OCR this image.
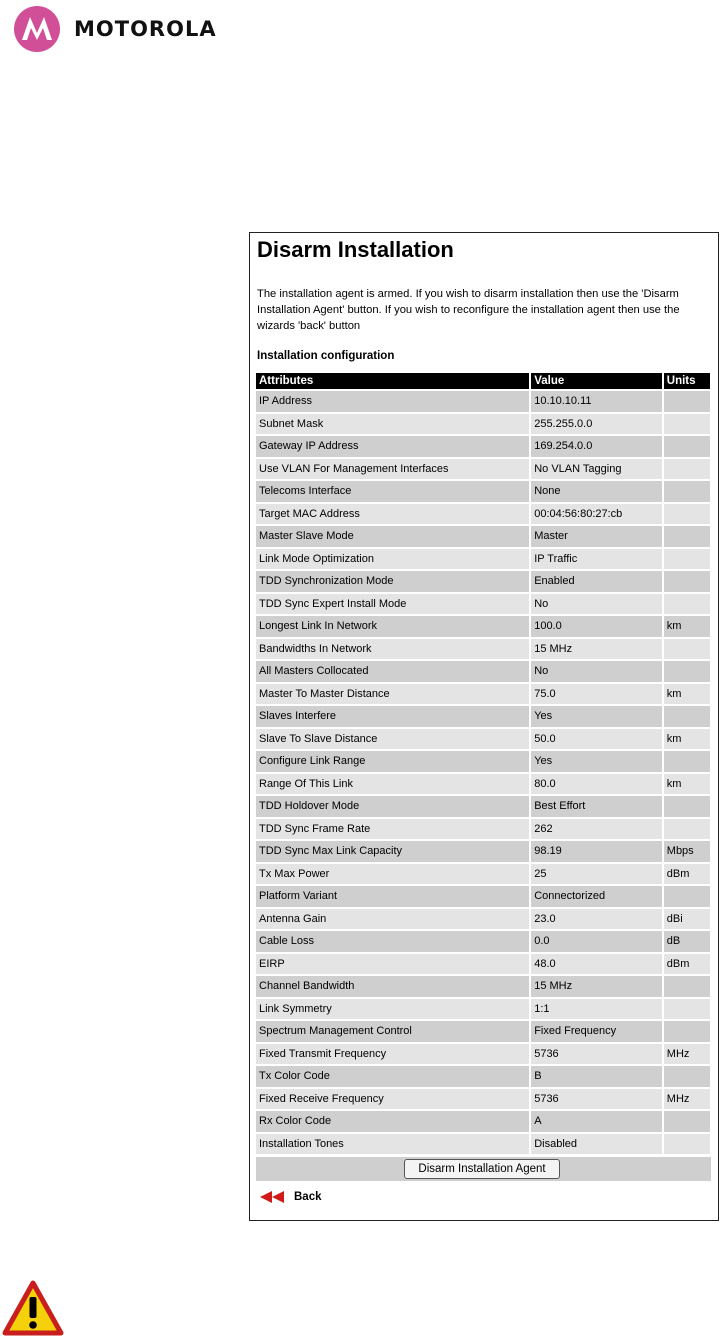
MOTOROLA
Disarm Installation

The installation agent is armed. If you wish to disarm installation then use the 'Disarm Installation Agent' button. If you wish to reconfigure the installation agent then use the wizards 'back' button

Installation configuration
Attributes	Value	Units
IP Address	10.10.10.11	
Subnet Mask	255.255.0.0	
Gateway IP Address	169.254.0.0	
Use VLAN For Management Interfaces	No VLAN Tagging	
Telecoms Interface	None	
Target MAC Address	00:04:56:80:27:cb	
Master Slave Mode	Master	
Link Mode Optimization	IP Traffic	
TDD Synchronization Mode	Enabled	
TDD Sync Expert Install Mode	No	
Longest Link In Network	100.0	km
Bandwidths In Network	15 MHz	
All Masters Collocated	No	
Master To Master Distance	75.0	km
Slaves Interfere	Yes	
Slave To Slave Distance	50.0	km
Configure Link Range	Yes	
Range Of This Link	80.0	km
TDD Holdover Mode	Best Effort	
TDD Sync Frame Rate	262	
TDD Sync Max Link Capacity	98.19	Mbps
Tx Max Power	25	dBm
Platform Variant	Connectorized	
Antenna Gain	23.0	dBi
Cable Loss	0.0	dB
EIRP	48.0	dBm
Channel Bandwidth	15 MHz	
Link Symmetry	1:1	
Spectrum Management Control	Fixed Frequency	
Fixed Transmit Frequency	5736	MHz
Tx Color Code	B	
Fixed Receive Frequency	5736	MHz
Rx Color Code	A	
Installation Tones	Disabled	
Disarm Installation Agent
Back
